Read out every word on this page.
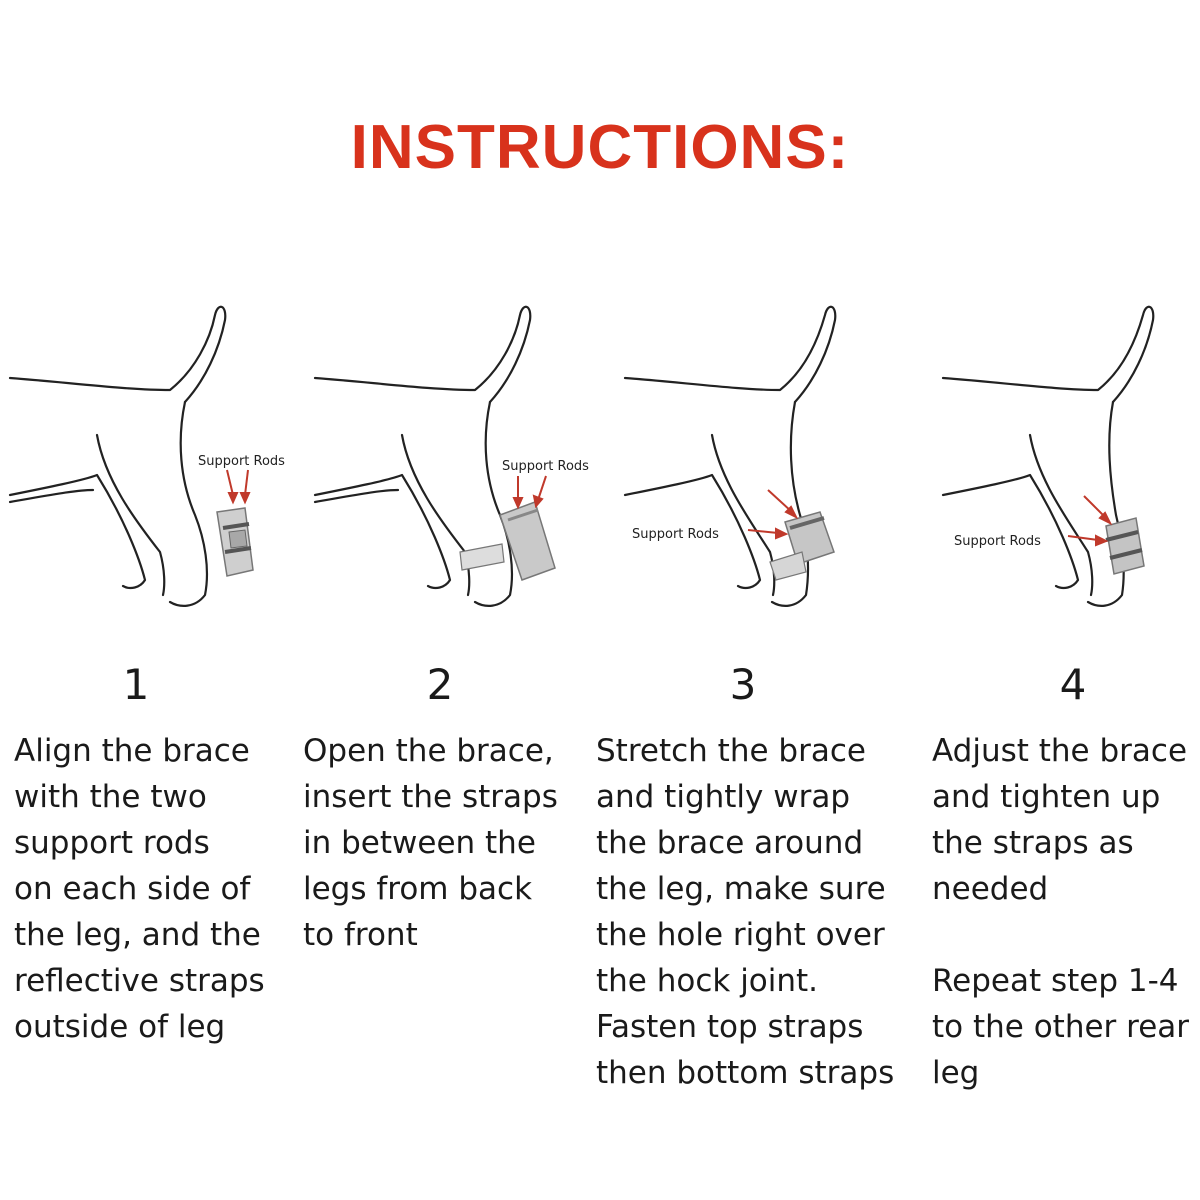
INSTRUCTIONS:
Support Rods	Support Rods
Support Rods	Support Rods
1	2	3	4
Align the brace
with the two
support rods
on each side of
the leg, and the
reflective straps
outside of leg
Open the brace,
insert the straps
in between the
legs from back
to front
Stretch the brace
and tightly wrap
the brace around
the leg, make sure
the hole right over
the hock joint.
Fasten top straps
then bottom straps
Adjust the brace
and tighten up
the straps as
needed
Repeat step 1-4
to the other rear
leg
